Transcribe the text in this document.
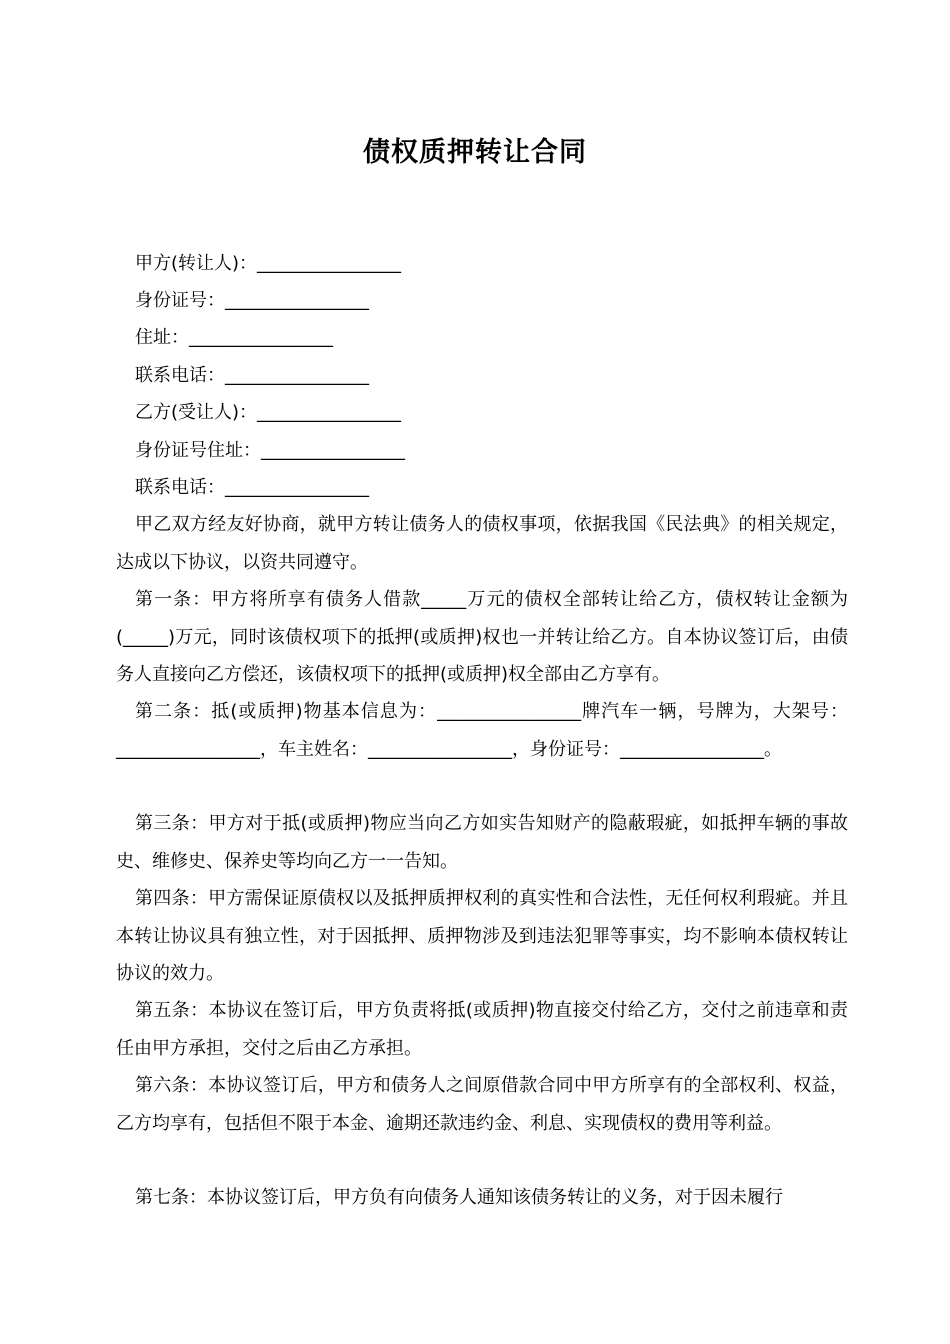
债权质押转让合同
甲方(转让人)：________________
身份证号：________________
住址：________________
联系电话：________________
乙方(受让人)：________________
身份证号住址：________________
联系电话：________________
甲乙双方经友好协商，就甲方转让债务人的债权事项，依据我国《民法典》的相关规定，达成以下协议，以资共同遵守。
第一条：甲方将所享有债务人借款_____万元的债权全部转让给乙方，债权转让金额为(_____)万元，同时该债权项下的抵押(或质押)权也一并转让给乙方。自本协议签订后，由债务人直接向乙方偿还，该债权项下的抵押(或质押)权全部由乙方享有。
第二条：抵(或质押)物基本信息为：________________牌汽车一辆，号牌为，大架号：________________，车主姓名：________________，身份证号：________________。
第三条：甲方对于抵(或质押)物应当向乙方如实告知财产的隐蔽瑕疵，如抵押车辆的事故史、维修史、保养史等均向乙方一一告知。
第四条：甲方需保证原债权以及抵押质押权利的真实性和合法性，无任何权利瑕疵。并且本转让协议具有独立性，对于因抵押、质押物涉及到违法犯罪等事实，均不影响本债权转让协议的效力。
第五条：本协议在签订后，甲方负责将抵(或质押)物直接交付给乙方，交付之前违章和责任由甲方承担，交付之后由乙方承担。
第六条：本协议签订后，甲方和债务人之间原借款合同中甲方所享有的全部权利、权益，乙方均享有，包括但不限于本金、逾期还款违约金、利息、实现债权的费用等利益。
第七条：本协议签订后，甲方负有向债务人通知该债务转让的义务，对于因未履行
